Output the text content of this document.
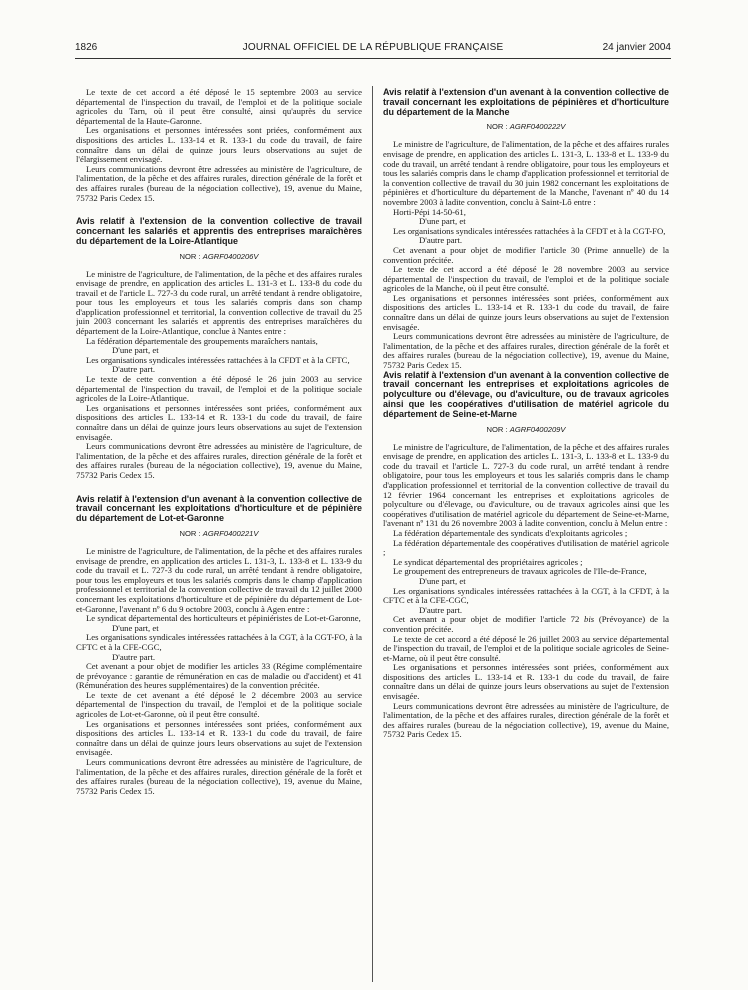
1826	JOURNAL OFFICIEL DE LA RÉPUBLIQUE FRANÇAISE	24 janvier 2004

Le texte de cet accord a été déposé le 15 septembre 2003 au service départemental de l'inspection du travail, de l'emploi et de la politique sociale agricoles du Tarn, où il peut être consulté, ainsi qu'auprès du service départemental de la Haute-Garonne.

Les organisations et personnes intéressées sont priées, conformément aux dispositions des articles L. 133-14 et R. 133-1 du code du travail, de faire connaître dans un délai de quinze jours leurs observations au sujet de l'élargissement envisagé.

Leurs communications devront être adressées au ministère de l'agriculture, de l'alimentation, de la pêche et des affaires rurales, direction générale de la forêt et des affaires rurales (bureau de la négociation collective), 19, avenue du Maine, 75732 Paris Cedex 15.

Avis relatif à l'extension de la convention collective de travail concernant les salariés et apprentis des entreprises maraîchères du département de la Loire-Atlantique
NOR : AGRF0400206V

Le ministre de l'agriculture, de l'alimentation, de la pêche et des affaires rurales envisage de prendre, en application des articles L. 131-3 et L. 133-8 du code du travail et de l'article L. 727-3 du code rural, un arrêté tendant à rendre obligatoire, pour tous les employeurs et tous les salariés compris dans son champ d'application professionnel et territorial, la convention collective de travail du 25 juin 2003 concernant les salariés et apprentis des entreprises maraîchères du département de la Loire-Atlantique, conclue à Nantes entre :

La fédération départementale des groupements maraîchers nantais,

D'une part, et

Les organisations syndicales intéressées rattachées à la CFDT et à la CFTC,

D'autre part.

Le texte de cette convention a été déposé le 26 juin 2003 au service départemental de l'inspection du travail, de l'emploi et de la politique sociale agricoles de la Loire-Atlantique.

Les organisations et personnes intéressées sont priées, conformément aux dispositions des articles L. 133-14 et R. 133-1 du code du travail, de faire connaître dans un délai de quinze jours leurs observations au sujet de l'extension envisagée.

Leurs communications devront être adressées au ministère de l'agriculture, de l'alimentation, de la pêche et des affaires rurales, direction générale de la forêt et des affaires rurales (bureau de la négociation collective), 19, avenue du Maine, 75732 Paris Cedex 15.

Avis relatif à l'extension d'un avenant à la convention collective de travail concernant les exploitations d'horticulture et de pépinière du département de Lot-et-Garonne
NOR : AGRF0400221V

Le ministre de l'agriculture, de l'alimentation, de la pêche et des affaires rurales envisage de prendre, en application des articles L. 131-3, L. 133-8 et L. 133-9 du code du travail et L. 727-3 du code rural, un arrêté tendant à rendre obligatoire, pour tous les employeurs et tous les salariés compris dans le champ d'application professionnel et territorial de la convention collective de travail du 12 juillet 2000 concernant les exploitations d'horticulture et de pépinière du département de Lot-et-Garonne, l'avenant nº 6 du 9 octobre 2003, conclu à Agen entre :

Le syndicat départemental des horticulteurs et pépiniéristes de Lot-et-Garonne,

D'une part, et

Les organisations syndicales intéressées rattachées à la CGT, à la CGT-FO, à la CFTC et à la CFE-CGC,

D'autre part.

Cet avenant a pour objet de modifier les articles 33 (Régime complémentaire de prévoyance : garantie de rémunération en cas de maladie ou d'accident) et 41 (Rémunération des heures supplémentaires) de la convention précitée.

Le texte de cet avenant a été déposé le 2 décembre 2003 au service départemental de l'inspection du travail, de l'emploi et de la politique sociale agricoles de Lot-et-Garonne, où il peut être consulté.

Les organisations et personnes intéressées sont priées, conformément aux dispositions des articles L. 133-14 et R. 133-1 du code du travail, de faire connaître dans un délai de quinze jours leurs observations au sujet de l'extension envisagée.

Leurs communications devront être adressées au ministère de l'agriculture, de l'alimentation, de la pêche et des affaires rurales, direction générale de la forêt et des affaires rurales (bureau de la négociation collective), 19, avenue du Maine, 75732 Paris Cedex 15.

Avis relatif à l'extension d'un avenant à la convention collective de travail concernant les exploitations de pépinières et d'horticulture du département de la Manche
NOR : AGRF0400222V

Le ministre de l'agriculture, de l'alimentation, de la pêche et des affaires rurales envisage de prendre, en application des articles L. 131-3, L. 133-8 et L. 133-9 du code du travail, un arrêté tendant à rendre obligatoire, pour tous les employeurs et tous les salariés compris dans le champ d'application professionnel et territorial de la convention collective de travail du 30 juin 1982 concernant les exploitations de pépinières et d'horticulture du département de la Manche, l'avenant nº 40 du 14 novembre 2003 à ladite convention, conclu à Saint-Lô entre :

Horti-Pépi 14-50-61,

D'une part, et

Les organisations syndicales intéressées rattachées à la CFDT et à la CGT-FO,

D'autre part.

Cet avenant a pour objet de modifier l'article 30 (Prime annuelle) de la convention précitée.

Le texte de cet accord a été déposé le 28 novembre 2003 au service départemental de l'inspection du travail, de l'emploi et de la politique sociale agricoles de la Manche, où il peut être consulté.

Les organisations et personnes intéressées sont priées, conformément aux dispositions des articles L. 133-14 et R. 133-1 du code du travail, de faire connaître dans un délai de quinze jours leurs observations au sujet de l'extension envisagée.

Leurs communications devront être adressées au ministère de l'agriculture, de l'alimentation, de la pêche et des affaires rurales, direction générale de la forêt et des affaires rurales (bureau de la négociation collective), 19, avenue du Maine, 75732 Paris Cedex 15.

Avis relatif à l'extension d'un avenant à la convention collective de travail concernant les entreprises et exploitations agricoles de polyculture ou d'élevage, ou d'aviculture, ou de travaux agricoles ainsi que les coopératives d'utilisation de matériel agricole du département de Seine-et-Marne
NOR : AGRF0400209V

Le ministre de l'agriculture, de l'alimentation, de la pêche et des affaires rurales envisage de prendre, en application des articles L. 131-3, L. 133-8 et L. 133-9 du code du travail et l'article L. 727-3 du code rural, un arrêté tendant à rendre obligatoire, pour tous les employeurs et tous les salariés compris dans le champ d'application professionnel et territorial de la convention collective de travail du 12 février 1964 concernant les entreprises et exploitations agricoles de polyculture ou d'élevage, ou d'aviculture, ou de travaux agricoles ainsi que les coopératives d'utilisation de matériel agricole du département de Seine-et-Marne, l'avenant nº 131 du 26 novembre 2003 à ladite convention, conclu à Melun entre :

La fédération départementale des syndicats d'exploitants agricoles ;

La fédération départementale des coopératives d'utilisation de matériel agricole ;

Le syndicat départemental des propriétaires agricoles ;

Le groupement des entrepreneurs de travaux agricoles de l'Ile-de-France,

D'une part, et

Les organisations syndicales intéressées rattachées à la CGT, à la CFDT, à la CFTC et à la CFE-CGC,

D'autre part.

Cet avenant a pour objet de modifier l'article 72 bis (Prévoyance) de la convention précitée.

Le texte de cet accord a été déposé le 26 juillet 2003 au service départemental de l'inspection du travail, de l'emploi et de la politique sociale agricoles de Seine-et-Marne, où il peut être consulté.

Les organisations et personnes intéressées sont priées, conformément aux dispositions des articles L. 133-14 et R. 133-1 du code du travail, de faire connaître dans un délai de quinze jours leurs observations au sujet de l'extension envisagée.

Leurs communications devront être adressées au ministère de l'agriculture, de l'alimentation, de la pêche et des affaires rurales, direction générale de la forêt et des affaires rurales (bureau de la négociation collective), 19, avenue du Maine, 75732 Paris Cedex 15.
